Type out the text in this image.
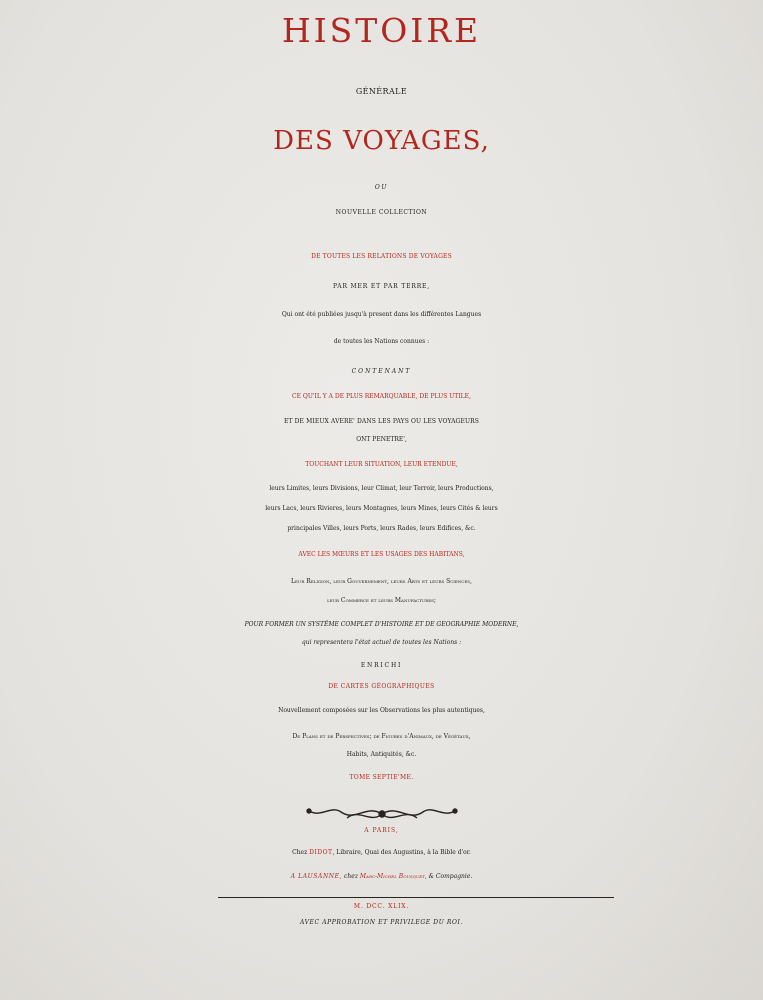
HISTOIRE
GÉNÉRALE
DES VOYAGES,
OU
NOUVELLE COLLECTION
DE TOUTES LES RELATIONS DE VOYAGES
PAR MER ET PAR TERRE,
Qui ont été publiées jusqu'à present dans les différentes Langues
de toutes les Nations connues :
CONTENANT
CE QU'IL Y A DE PLUS REMARQUABLE, DE PLUS UTILE,
ET DE MIEUX AVERE' DANS LES PAYS OU LES VOYAGEURS
ONT PENETRE',
TOUCHANT LEUR SITUATION, LEUR ETENDUE,
leurs Limites, leurs Divisions, leur Climat, leur Terroir, leurs Productions,
leurs Lacs, leurs Rivieres, leurs Montagnes, leurs Mines, leurs Cités & leurs
principales Villes, leurs Ports, leurs Rades, leurs Edifices, &c.
AVEC LES MŒURS ET LES USAGES DES HABITANS,
Leur Religion, leur Gouvernement, leurs Arts et leurs Sciences,
leur Commerce et leurs Manufactures;
POUR FORMER UN SYSTÊME COMPLET D'HISTOIRE ET DE GEOGRAPHIE MODERNE,
qui representera l'état actuel de toutes les Nations :
ENRICHI
DE CARTES GÉOGRAPHIQUES
Nouvellement composées sur les Observations les plus autentiques,
De Plans et de Perspectives; de Figures d'Animaux, de Végétaux,
Habits, Antiquités, &c.
TOME SEPTIE'ME.
A PARIS,
Chez DIDOT, Libraire, Quai des Augustins, à la Bible d'or.
A LAUSANNE, chez Marc-Michel Bousquet, & Compagnie.
M. DCC. XLIX.
AVEC APPROBATION ET PRIVILEGE DU ROI.
